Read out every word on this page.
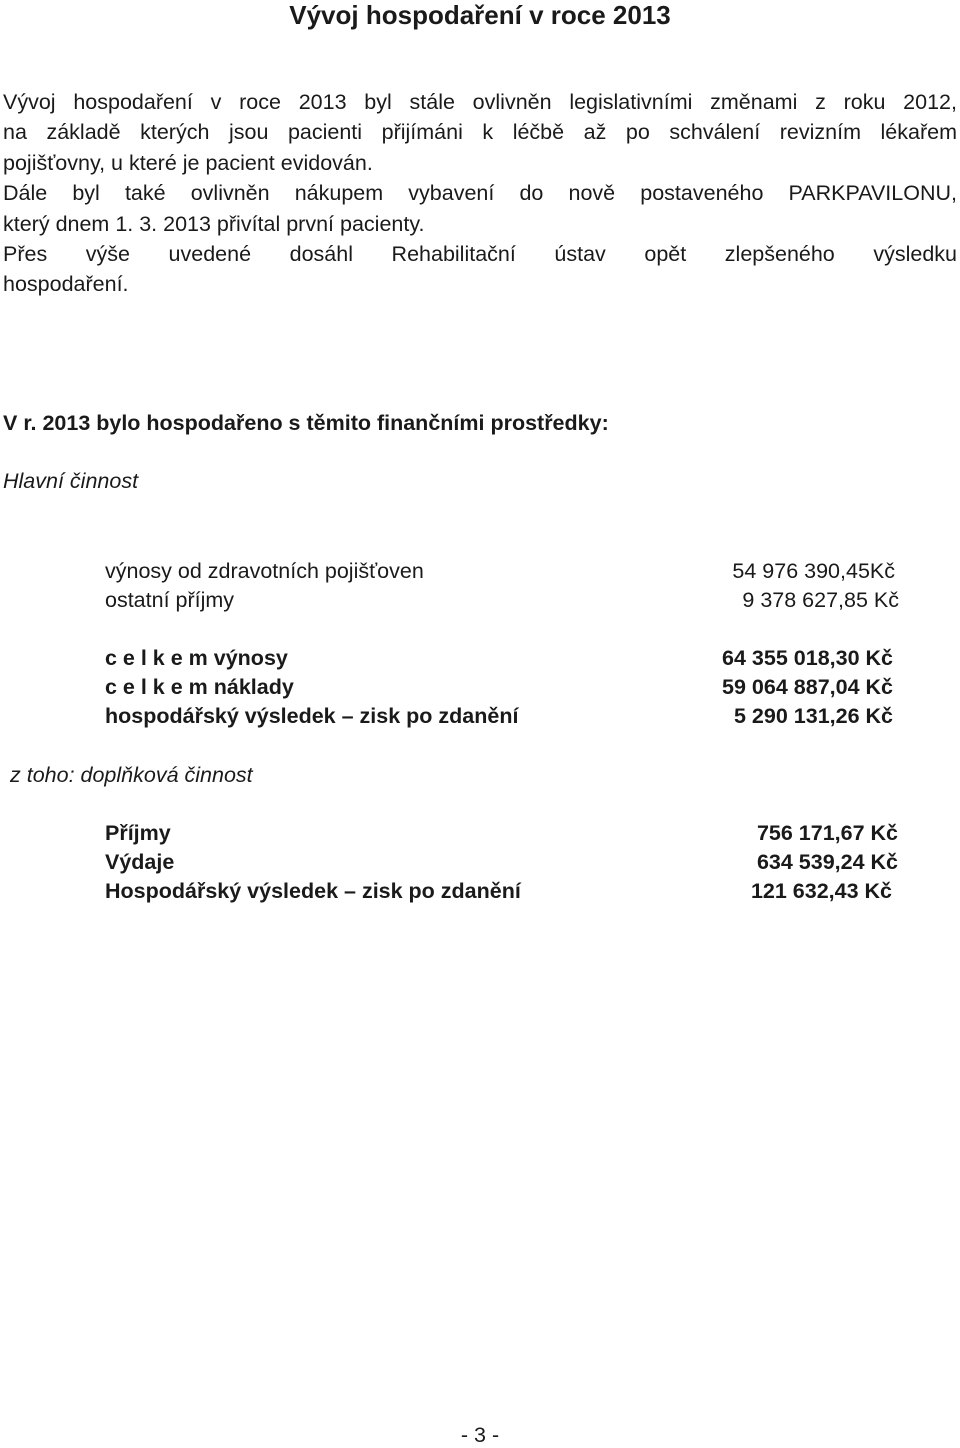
Vývoj hospodaření v roce 2013
Vývoj hospodaření v roce 2013 byl stále ovlivněn legislativními změnami z roku 2012,
na základě kterých jsou pacienti přijímáni k léčbě až po schválení revizním lékařem
pojišťovny, u které je pacient evidován.
Dále byl také ovlivněn nákupem vybavení do nově postaveného PARKPAVILONU,
který dnem 1. 3. 2013 přivítal první pacienty.
Přes výše uvedené dosáhl Rehabilitační ústav opět zlepšeného výsledku
hospodaření.
V r. 2013 bylo hospodařeno s těmito finančními prostředky:
Hlavní činnost
výnosy od zdravotních pojišťoven	54 976 390,45Kč
ostatní příjmy	9 378 627,85 Kč
c e l k e m výnosy	64 355 018,30 Kč
c e l k e m náklady	59 064 887,04 Kč
hospodářský výsledek – zisk po zdanění	5 290 131,26 Kč
z toho: doplňková činnost
Příjmy	756 171,67 Kč
Výdaje	634 539,24 Kč
Hospodářský výsledek – zisk po zdanění	121 632,43 Kč
- 3 -
